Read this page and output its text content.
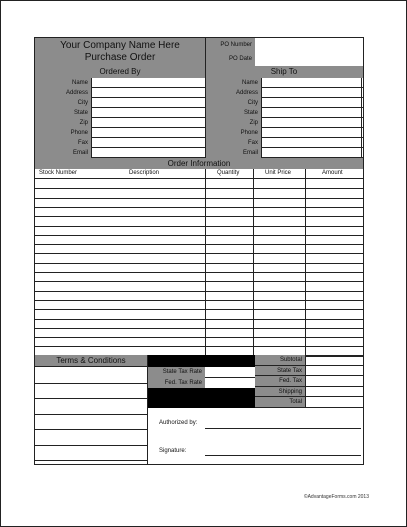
Your Company Name Here
Purchase Order
PO Number
PO Date
Ordered By	Ship To
Name	Name
Address	Address
City	City
State	State
Zip	Zip
Phone	Phone
Fax	Fax
Email	Email
Order Information
Stock Number	Description	Quantity	Unit Price	Amount
Terms & Conditions
State Tax Rate
Fed. Tax Rate
Subtotal
State Tax
Fed. Tax
Shipping
Total
Authorized by:
Signature:
©AdvantageForms.com 2013
